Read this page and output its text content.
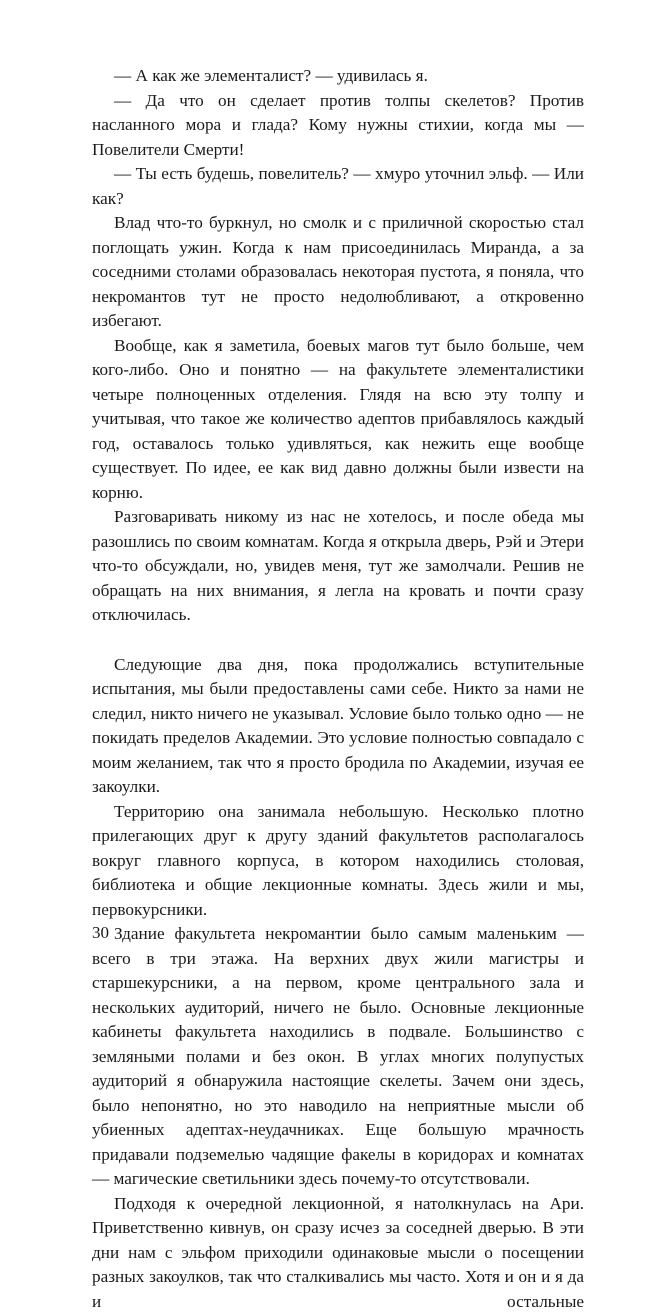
— А как же элементалист? — удивилась я.

— Да что он сделает против толпы скелетов? Против насланного мора и глада? Кому нужны стихии, когда мы — Повелители Смерти!

— Ты есть будешь, повелитель? — хмуро уточнил эльф. — Или как?

Влад что-то буркнул, но смолк и с приличной скоростью стал поглощать ужин. Когда к нам присоединилась Миранда, а за соседними столами образовалась некоторая пустота, я поняла, что некромантов тут не просто недолюбливают, а откровенно избегают.

Вообще, как я заметила, боевых магов тут было больше, чем кого-либо. Оно и понятно — на факультете элементалистики четыре полноценных отделения. Глядя на всю эту толпу и учитывая, что такое же количество адептов прибавлялось каждый год, оставалось только удивляться, как нежить еще вообще существует. По идее, ее как вид давно должны были извести на корню.

Разговаривать никому из нас не хотелось, и после обеда мы разошлись по своим комнатам. Когда я открыла дверь, Рэй и Этери что-то обсуждали, но, увидев меня, тут же замолчали. Решив не обращать на них внимания, я легла на кровать и почти сразу отключилась.

Следующие два дня, пока продолжались вступительные испытания, мы были предоставлены сами себе. Никто за нами не следил, никто ничего не указывал. Условие было только одно — не покидать пределов Академии. Это условие полностью совпадало с моим желанием, так что я просто бродила по Академии, изучая ее закоулки.

Территорию она занимала небольшую. Несколько плотно прилегающих друг к другу зданий факультетов располагалось вокруг главного корпуса, в котором находились столовая, библиотека и общие лекционные комнаты. Здесь жили и мы, первокурсники.

Здание факультета некромантии было самым маленьким — всего в три этажа. На верхних двух жили магистры и старшекурсники, а на первом, кроме центрального зала и нескольких аудиторий, ничего не было. Основные лекционные кабинеты факультета находились в подвале. Большинство с земляными полами и без окон. В углах многих полупустых аудиторий я обнаружила настоящие скелеты. Зачем они здесь, было непонятно, но это наводило на неприятные мысли об убиенных адептах-неудачниках. Еще большую мрачность придавали подземелью чадящие факелы в коридорах и комнатах — магические светильники здесь почему-то отсутствовали.

Подходя к очередной лекционной, я натолкнулась на Ари. Приветственно кивнув, он сразу исчез за соседней дверью. В эти дни нам с эльфом приходили одинаковые мысли о посещении разных закоулков, так что сталкивались мы часто. Хотя и он и я да и остальные

30
